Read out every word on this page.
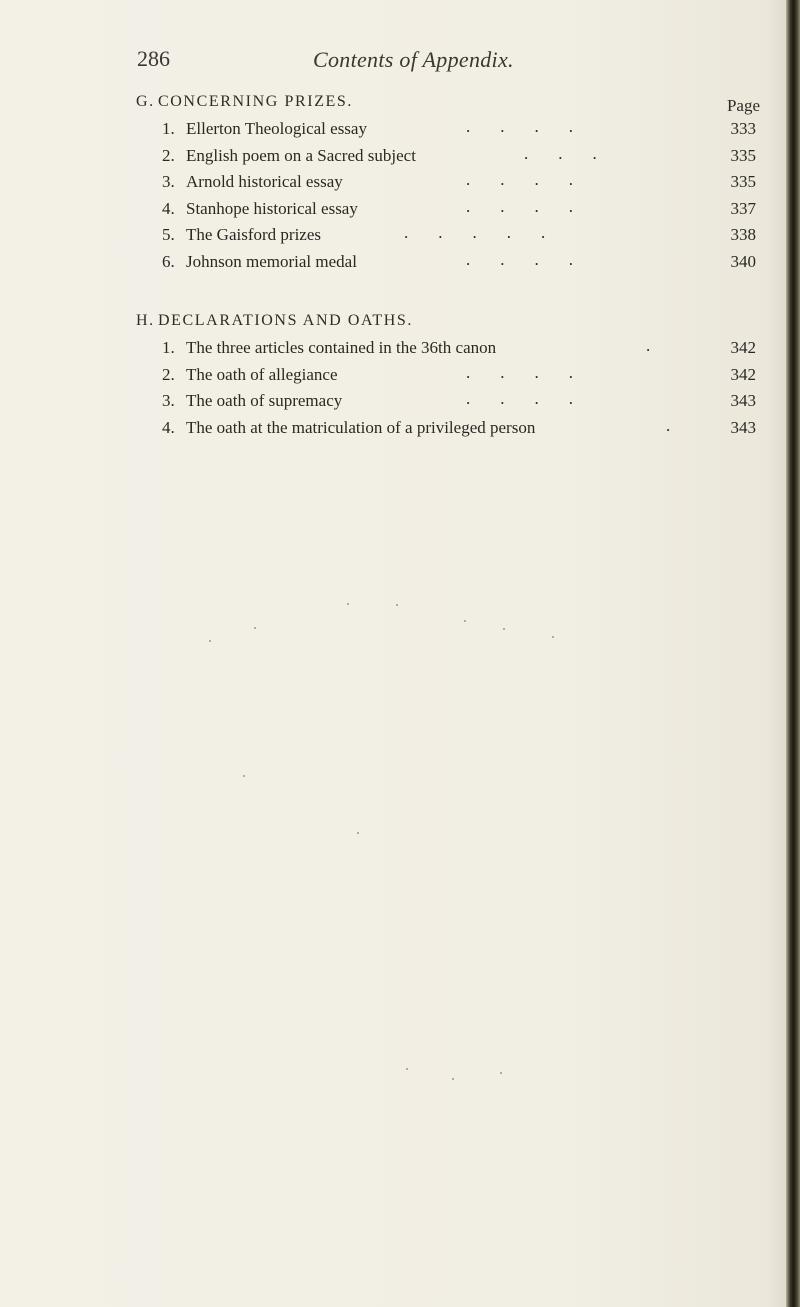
286	Contents of Appendix.
G. CONCERNING PRIZES.	Page
1. Ellerton Theological essay	....	333
2. English poem on a Sacred subject	...	335
3. Arnold historical essay	....	335
4. Stanhope historical essay	....	337
5. The Gaisford prizes	.....	338
6. Johnson memorial medal	....	340
H. DECLARATIONS AND OATHS.
1. The three articles contained in the 36th canon	.	342
2. The oath of allegiance	....	342
3. The oath of supremacy	....	343
4. The oath at the matriculation of a privileged person	.	343
